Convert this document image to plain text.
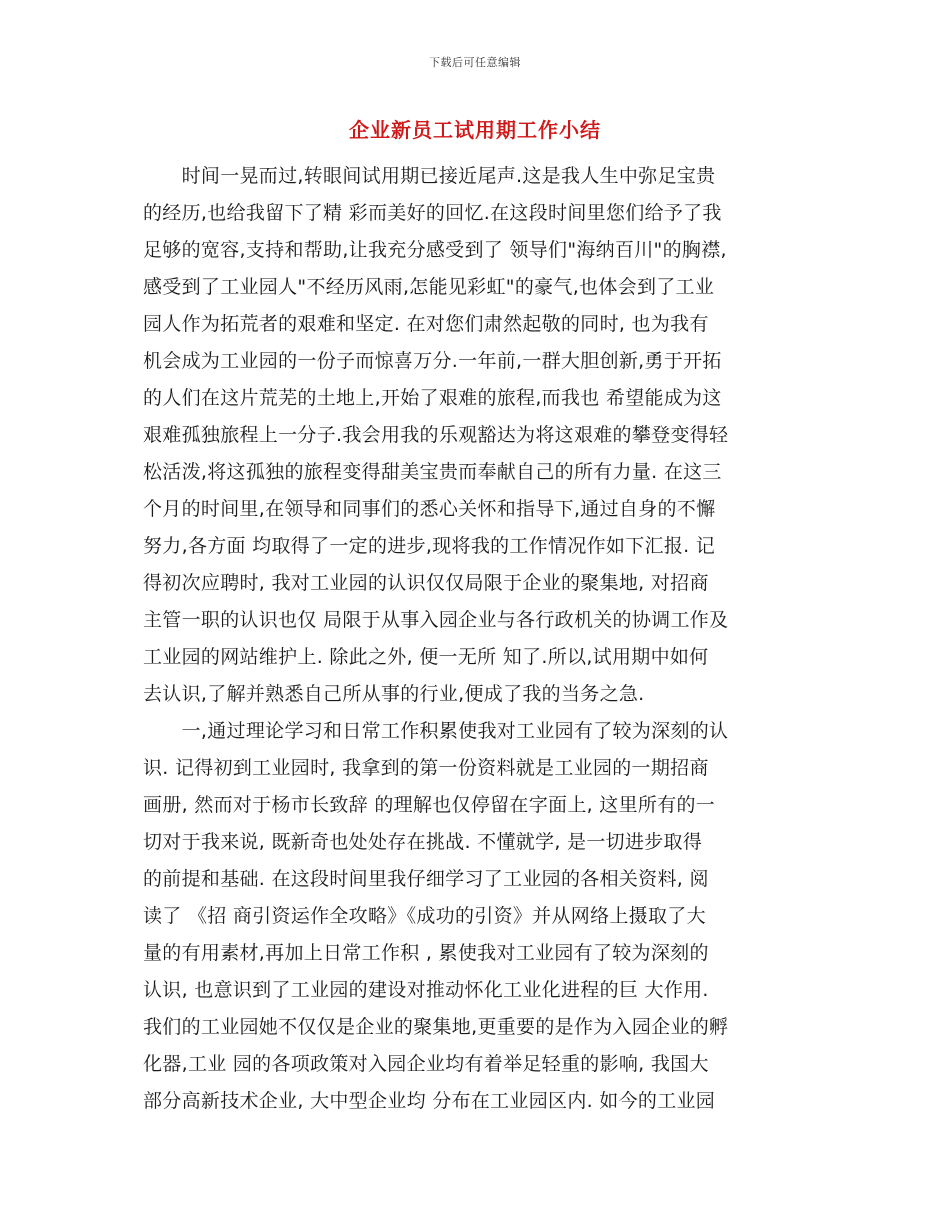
下载后可任意编辑
企业新员工试用期工作小结
　　时间一晃而过,转眼间试用期已接近尾声.这是我人生中弥足宝贵
的经历,也给我留下了精 彩而美好的回忆.在这段时间里您们给予了我
足够的宽容,支持和帮助,让我充分感受到了 领导们"海纳百川"的胸襟,
感受到了工业园人"不经历风雨,怎能见彩虹"的豪气,也体会到了工业
园人作为拓荒者的艰难和坚定. 在对您们肃然起敬的同时, 也为我有
机会成为工业园的一份子而惊喜万分.一年前,一群大胆创新,勇于开拓
的人们在这片荒芜的土地上,开始了艰难的旅程,而我也 希望能成为这
艰难孤独旅程上一分子.我会用我的乐观豁达为将这艰难的攀登变得轻
松活泼,将这孤独的旅程变得甜美宝贵而奉献自己的所有力量. 在这三
个月的时间里,在领导和同事们的悉心关怀和指导下,通过自身的不懈
努力,各方面 均取得了一定的进步,现将我的工作情况作如下汇报. 记
得初次应聘时, 我对工业园的认识仅仅局限于企业的聚集地, 对招商
主管一职的认识也仅 局限于从事入园企业与各行政机关的协调工作及
工业园的网站维护上. 除此之外, 便一无所 知了.所以,试用期中如何
去认识,了解并熟悉自己所从事的行业,便成了我的当务之急.
　　一,通过理论学习和日常工作积累使我对工业园有了较为深刻的认
识. 记得初到工业园时, 我拿到的第一份资料就是工业园的一期招商
画册, 然而对于杨市长致辞 的理解也仅停留在字面上, 这里所有的一
切对于我来说, 既新奇也处处存在挑战. 不懂就学, 是一切进步取得
的前提和基础. 在这段时间里我仔细学习了工业园的各相关资料, 阅
读了 《招 商引资运作全攻略》《成功的引资》并从网络上摄取了大
量的有用素材,再加上日常工作积 , 累使我对工业园有了较为深刻的
认识, 也意识到了工业园的建设对推动怀化工业化进程的巨 大作用.
我们的工业园她不仅仅是企业的聚集地,更重要的是作为入园企业的孵
化器,工业 园的各项政策对入园企业均有着举足轻重的影响, 我国大
部分高新技术企业, 大中型企业均 分布在工业园区内. 如今的工业园
